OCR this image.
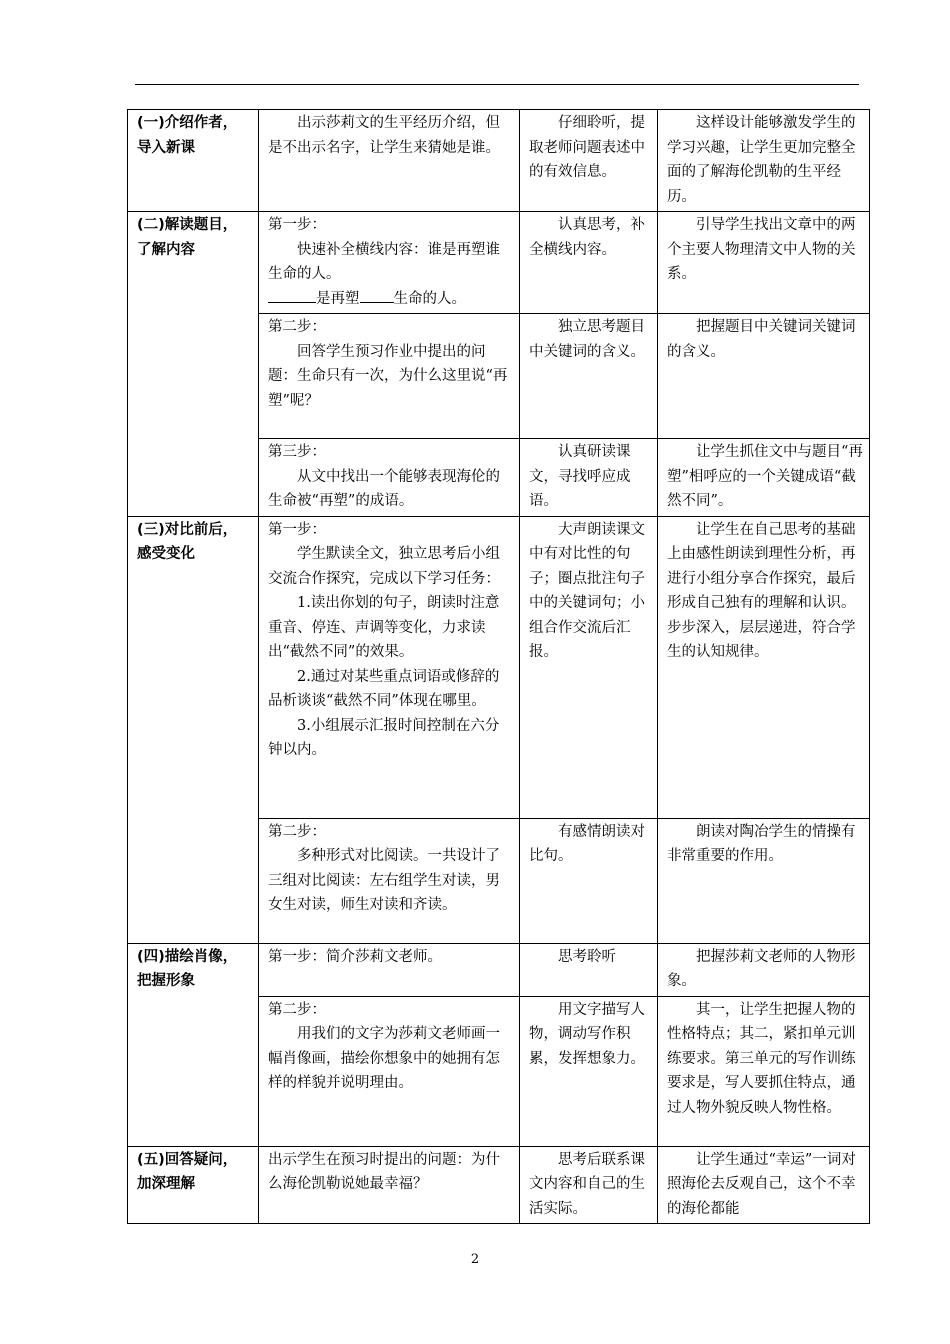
(一)介绍作者，
导入新课	出示莎莉文的生平经历介绍，但是不出示名字，让学生来猜她是谁。	仔细聆听，提取老师问题表述中的有效信息。	这样设计能够激发学生的学习兴趣，让学生更加完整全面的了解海伦凯勒的生平经历。

(二)解读题目，
了解内容	第一步：
快速补全横线内容：谁是再塑谁生命的人。
是再塑 生命的人。	认真思考，补全横线内容。	引导学生找出文章中的两个主要人物理清文中人物的关系。

	第二步：
回答学生预习作业中提出的问题：生命只有一次，为什么这里说“再塑”呢？	独立思考题目中关键词的含义。	把握题目中关键词关键词的含义。

	第三步：
从文中找出一个能够表现海伦的生命被“再塑”的成语。	认真研读课文，寻找呼应成语。	让学生抓住文中与题目“再塑”相呼应的一个关键成语“截然不同”。

(三)对比前后，
感受变化	第一步：
学生默读全文，独立思考后小组交流合作探究，完成以下学习任务：
1.读出你划的句子，朗读时注意重音、停连、声调等变化，力求读出“截然不同”的效果。
2.通过对某些重点词语或修辞的品析谈谈“截然不同”体现在哪里。
3.小组展示汇报时间控制在六分钟以内。	大声朗读课文中有对比性的句子；圈点批注句子中的关键词句；小组合作交流后汇报。	让学生在自己思考的基础上由感性朗读到理性分析，再进行小组分享合作探究，最后形成自己独有的理解和认识。步步深入，层层递进，符合学生的认知规律。

	第二步：
多种形式对比阅读。一共设计了三组对比阅读：左右组学生对读，男女生对读，师生对读和齐读。	有感情朗读对比句。	朗读对陶冶学生的情操有非常重要的作用。

(四)描绘肖像，
把握形象	第一步：简介莎莉文老师。	思考聆听	把握莎莉文老师的人物形象。

	第二步：
用我们的文字为莎莉文老师画一幅肖像画，描绘你想象中的她拥有怎样的样貌并说明理由。	用文字描写人物，调动写作积累，发挥想象力。	其一，让学生把握人物的性格特点；其二，紧扣单元训练要求。第三单元的写作训练要求是，写人要抓住特点，通过人物外貌反映人物性格。

(五)回答疑问，
加深理解	出示学生在预习时提出的问题：为什么海伦凯勒说她最幸福？	思考后联系课文内容和自己的生活实际。	让学生通过“幸运”一词对照海伦去反观自己，这个不幸的海伦都能
2
